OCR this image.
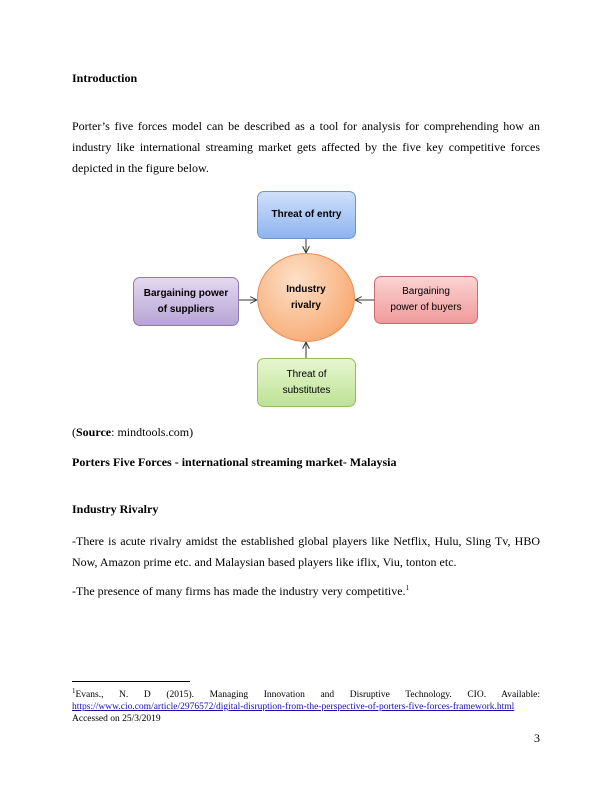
Introduction
Porter’s five forces model can be described as a tool for analysis for comprehending how an industry like international streaming market gets affected by the five key competitive forces depicted in the figure below.
Threat of entry
Bargaining power
of suppliers
Industry
rivalry
Bargaining
power of buyers
Threat of
substitutes
(Source: mindtools.com)
Porters Five Forces - international streaming market- Malaysia
Industry Rivalry
-There is acute rivalry amidst the established global players like Netflix, Hulu, Sling Tv, HBO Now, Amazon prime etc. and Malaysian based players like iflix, Viu, tonton etc.
-The presence of many firms has made the industry very competitive.$^1$
$^1$Evans., N. D (2015). Managing Innovation and Disruptive Technology. CIO. Available:
https://www.cio.com/article/2976572/digital-disruption-from-the-perspective-of-porters-five-forces-framework.html
Accessed on 25/3/2019
3
